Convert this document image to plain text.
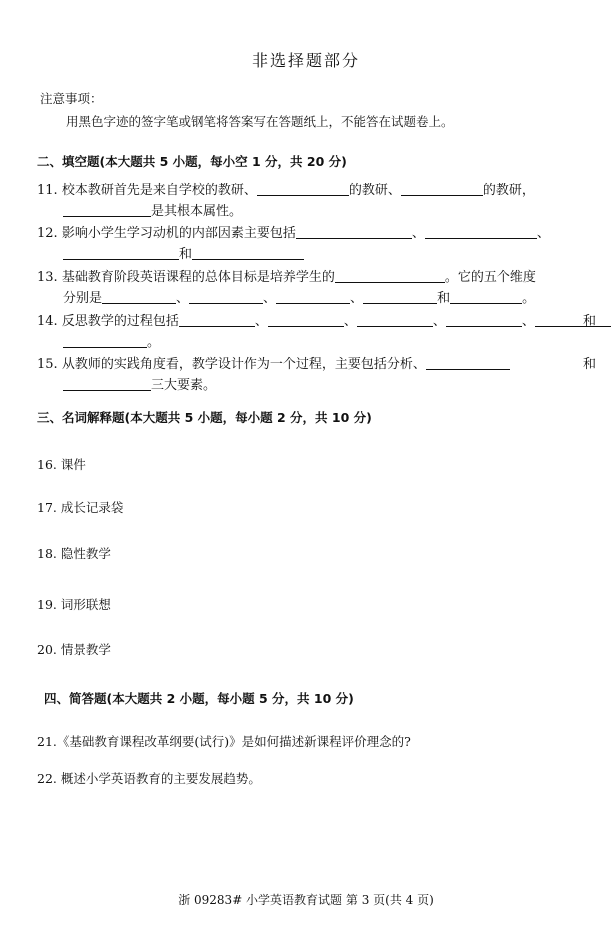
非选择题部分
注意事项：
用黑色字迹的签字笔或钢笔将答案写在答题纸上，不能答在试题卷上。
二、填空题(本大题共 5 小题，每小空 1 分，共 20 分)
11. 校本教研首先是来自学校的教研、	的教研、	的教研，
是其根本属性。
12. 影响小学生学习动机的内部因素主要包括	、	、
和
13. 基础教育阶段英语课程的总体目标是培养学生的	。它的五个维度
分别是	、	、	、	和	。
14. 反思教学的过程包括	、	、	、	、	和
。
15. 从教师的实践角度看，教学设计作为一个过程，主要包括分析、	和
三大要素。
三、名词解释题(本大题共 5 小题，每小题 2 分，共 10 分)
16. 课件
17. 成长记录袋
18. 隐性教学
19. 词形联想
20. 情景教学
四、简答题(本大题共 2 小题，每小题 5 分，共 10 分)
21.《基础教育课程改革纲要(试行)》是如何描述新课程评价理念的?
22. 概述小学英语教育的主要发展趋势。
浙 09283# 小学英语教育试题 第 3 页(共 4 页)
